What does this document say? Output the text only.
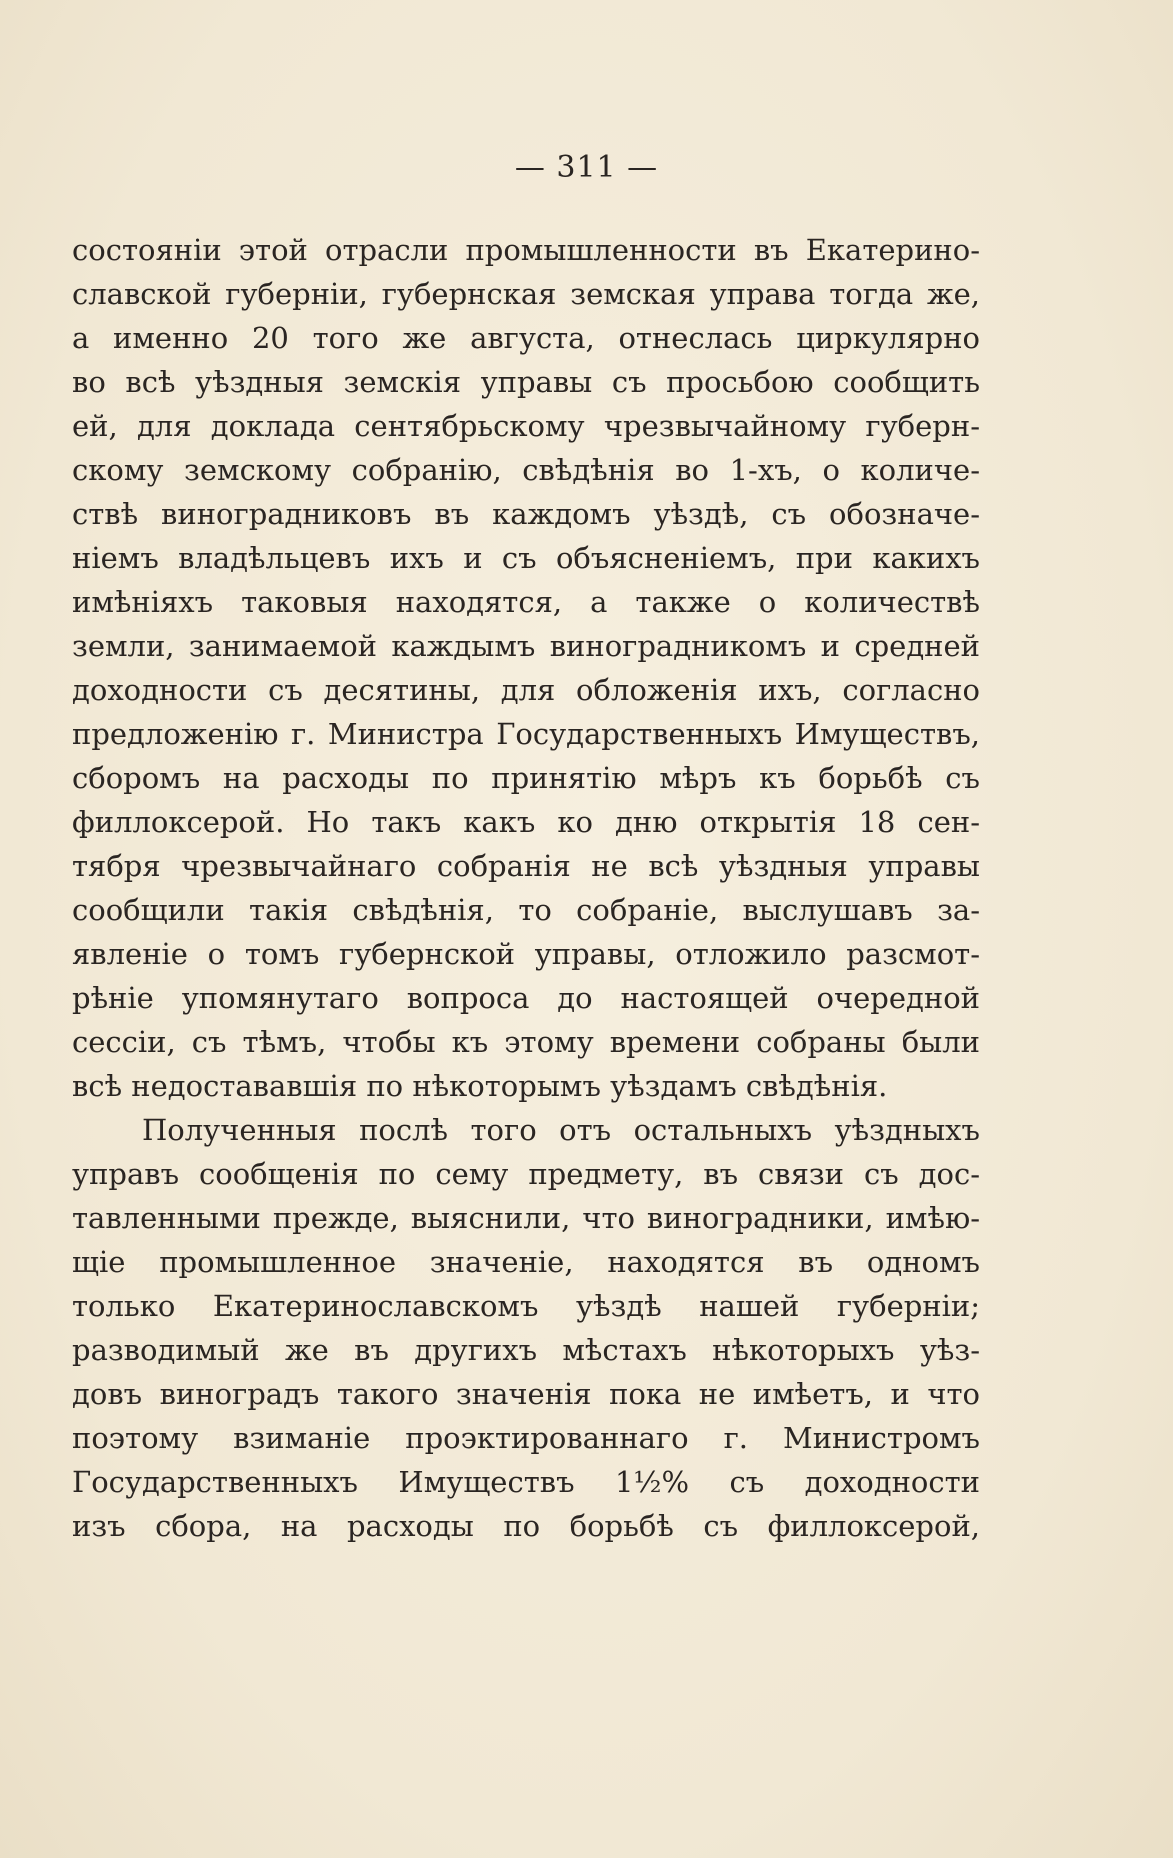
— 311 —
состояніи этой отрасли промышленности въ Екатерино-
славской губерніи, губернская земская управа тогда же,
а именно 20 того же августа, отнеслась циркулярно
во всѣ уѣздныя земскія управы съ просьбою сообщить
ей, для доклада сентябрьскому чрезвычайному губерн-
скому земскому собранію, свѣдѣнія во 1-хъ, о количе-
ствѣ виноградниковъ въ каждомъ уѣздѣ, съ обозначе-
ніемъ владѣльцевъ ихъ и съ объясненіемъ, при какихъ
имѣніяхъ таковыя находятся, а также о количествѣ
земли, занимаемой каждымъ виноградникомъ и средней
доходности съ десятины, для обложенія ихъ, согласно
предложенію г. Министра Государственныхъ Имуществъ,
сборомъ на расходы по принятію мѣръ къ борьбѣ съ
филлоксерой. Но такъ какъ ко дню открытія 18 сен-
тября чрезвычайнаго собранія не всѣ уѣздныя управы
сообщили такія свѣдѣнія, то собраніе, выслушавъ за-
явленіе о томъ губернской управы, отложило разсмот-
рѣніе упомянутаго вопроса до настоящей очередной
сессіи, съ тѣмъ, чтобы къ этому времени собраны были
всѣ недостававшія по нѣкоторымъ уѣздамъ свѣдѣнія.
Полученныя послѣ того отъ остальныхъ уѣздныхъ
управъ сообщенія по сему предмету, въ связи съ дос-
тавленными прежде, выяснили, что виноградники, имѣю-
щіе промышленное значеніе, находятся въ одномъ
только Екатеринославскомъ уѣздѣ нашей губерніи;
разводимый же въ другихъ мѣстахъ нѣкоторыхъ уѣз-
довъ виноградъ такого значенія пока не имѣетъ, и что
поэтому взиманіе проэктированнаго г. Министромъ
Государственныхъ Имуществъ 1½% съ доходности
изъ сбора, на расходы по борьбѣ съ филлоксерой,
